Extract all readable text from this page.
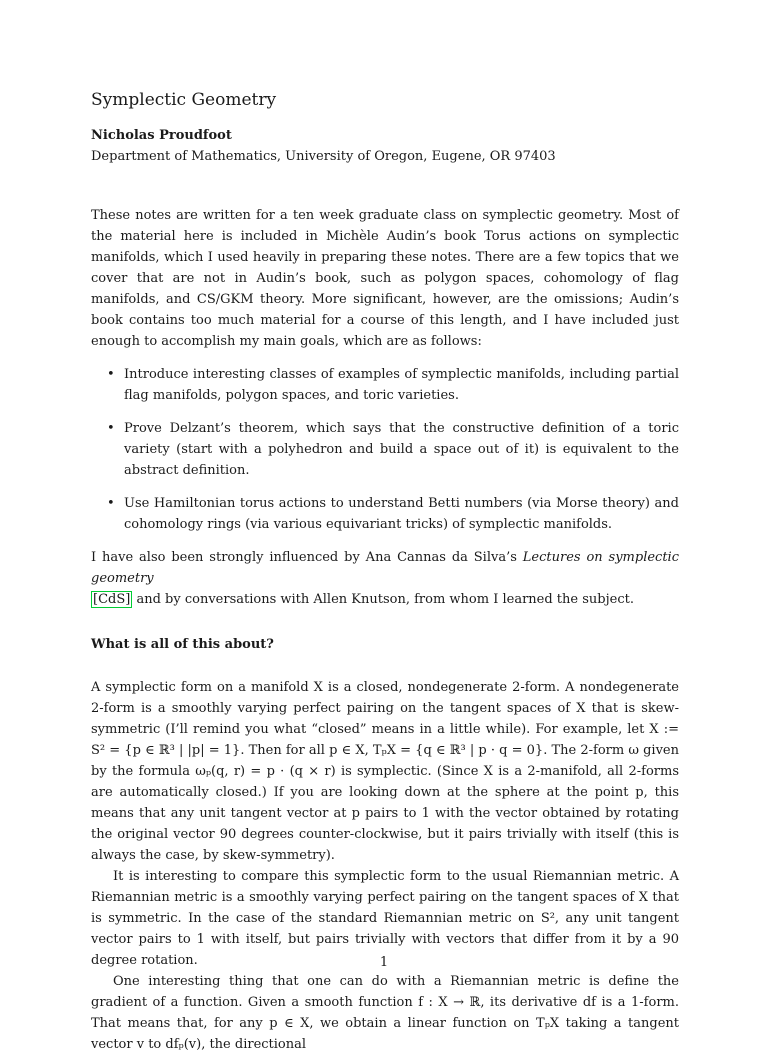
Symplectic Geometry

Nicholas Proudfoot

Department of Mathematics, University of Oregon, Eugene, OR 97403

These notes are written for a ten week graduate class on symplectic geometry. Most of the material here is included in Michèle Audin’s book Torus actions on symplectic manifolds, which I used heavily in preparing these notes. There are a few topics that we cover that are not in Audin’s book, such as polygon spaces, cohomology of flag manifolds, and CS/GKM theory. More significant, however, are the omissions; Audin’s book contains too much material for a course of this length, and I have included just enough to accomplish my main goals, which are as follows:

• Introduce interesting classes of examples of symplectic manifolds, including partial flag manifolds, polygon spaces, and toric varieties.
• Prove Delzant’s theorem, which says that the constructive definition of a toric variety (start with a polyhedron and build a space out of it) is equivalent to the abstract definition.
• Use Hamiltonian torus actions to understand Betti numbers (via Morse theory) and cohomology rings (via various equivariant tricks) of symplectic manifolds.

I have also been strongly influenced by Ana Cannas da Silva’s Lectures on symplectic geometry
[CdS] and by conversations with Allen Knutson, from whom I learned the subject.

What is all of this about?

A symplectic form on a manifold X is a closed, nondegenerate 2-form. A nondegenerate 2-form is a smoothly varying perfect pairing on the tangent spaces of X that is skew-symmetric (I’ll remind you what “closed” means in a little while). For example, let X := S² = {p ∈ ℝ³ | |p| = 1}. Then for all p ∈ X, TₚX = {q ∈ ℝ³ | p · q = 0}. The 2-form ω given by the formula ωₚ(q, r) = p · (q × r) is symplectic. (Since X is a 2-manifold, all 2-forms are automatically closed.) If you are looking down at the sphere at the point p, this means that any unit tangent vector at p pairs to 1 with the vector obtained by rotating the original vector 90 degrees counter-clockwise, but it pairs trivially with itself (this is always the case, by skew-symmetry).

It is interesting to compare this symplectic form to the usual Riemannian metric. A Riemannian metric is a smoothly varying perfect pairing on the tangent spaces of X that is symmetric. In the case of the standard Riemannian metric on S², any unit tangent vector pairs to 1 with itself, but pairs trivially with vectors that differ from it by a 90 degree rotation.

One interesting thing that one can do with a Riemannian metric is define the gradient of a function. Given a smooth function f : X → ℝ, its derivative df is a 1-form. That means that, for any p ∈ X, we obtain a linear function on TₚX taking a tangent vector v to dfₚ(v), the directional

1
